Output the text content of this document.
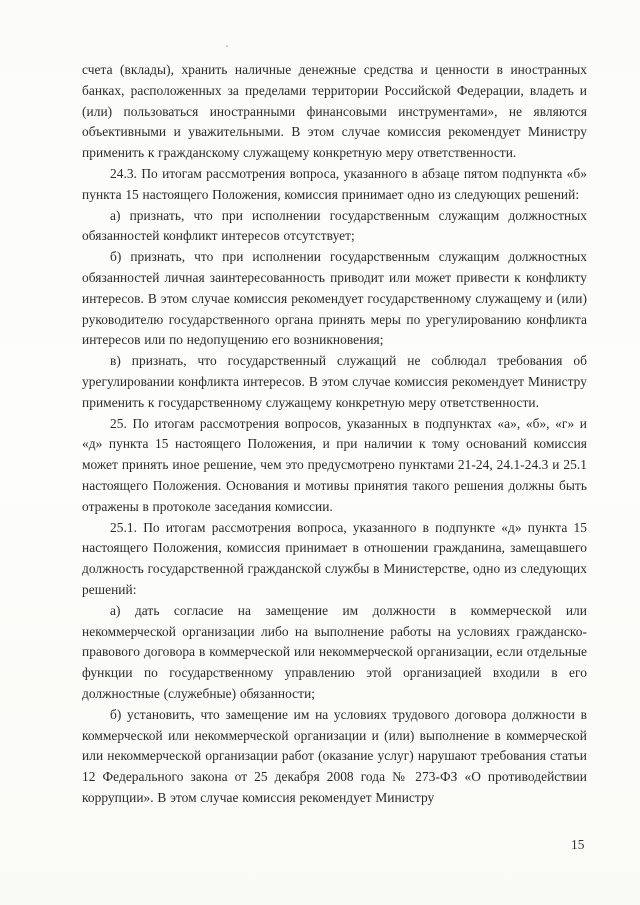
счета (вклады), хранить наличные денежные средства и ценности в иностранных банках, расположенных за пределами территории Российской Федерации, владеть и (или) пользоваться иностранными финансовыми инструментами», не являются объективными и уважительными. В этом случае комиссия рекомендует Министру применить к гражданскому служащему конкретную меру ответственности.

24.3. По итогам рассмотрения вопроса, указанного в абзаце пятом подпункта «б» пункта 15 настоящего Положения, комиссия принимает одно из следующих решений:

а) признать, что при исполнении государственным служащим должностных обязанностей конфликт интересов отсутствует;

б) признать, что при исполнении государственным служащим должностных обязанностей личная заинтересованность приводит или может привести к конфликту интересов. В этом случае комиссия рекомендует государственному служащему и (или) руководителю государственного органа принять меры по урегулированию конфликта интересов или по недопущению его возникновения;

в) признать, что государственный служащий не соблюдал требования об урегулировании конфликта интересов. В этом случае комиссия рекомендует Министру применить к государственному служащему конкретную меру ответственности.

25. По итогам рассмотрения вопросов, указанных в подпунктах «а», «б», «г» и «д» пункта 15 настоящего Положения, и при наличии к тому оснований комиссия может принять иное решение, чем это предусмотрено пунктами 21-24, 24.1-24.3 и 25.1 настоящего Положения. Основания и мотивы принятия такого решения должны быть отражены в протоколе заседания комиссии.

25.1. По итогам рассмотрения вопроса, указанного в подпункте «д» пункта 15 настоящего Положения, комиссия принимает в отношении гражданина, замещавшего должность государственной гражданской службы в Министерстве, одно из следующих решений:

а) дать согласие на замещение им должности в коммерческой или некоммерческой организации либо на выполнение работы на условиях гражданско-правового договора в коммерческой или некоммерческой организации, если отдельные функции по государственному управлению этой организацией входили в его должностные (служебные) обязанности;

б) установить, что замещение им на условиях трудового договора должности в коммерческой или некоммерческой организации и (или) выполнение в коммерческой или некоммерческой организации работ (оказание услуг) нарушают требования статьи 12 Федерального закона от 25 декабря 2008 года № 273-ФЗ «О противодействии коррупции». В этом случае комиссия рекомендует Министру

15
